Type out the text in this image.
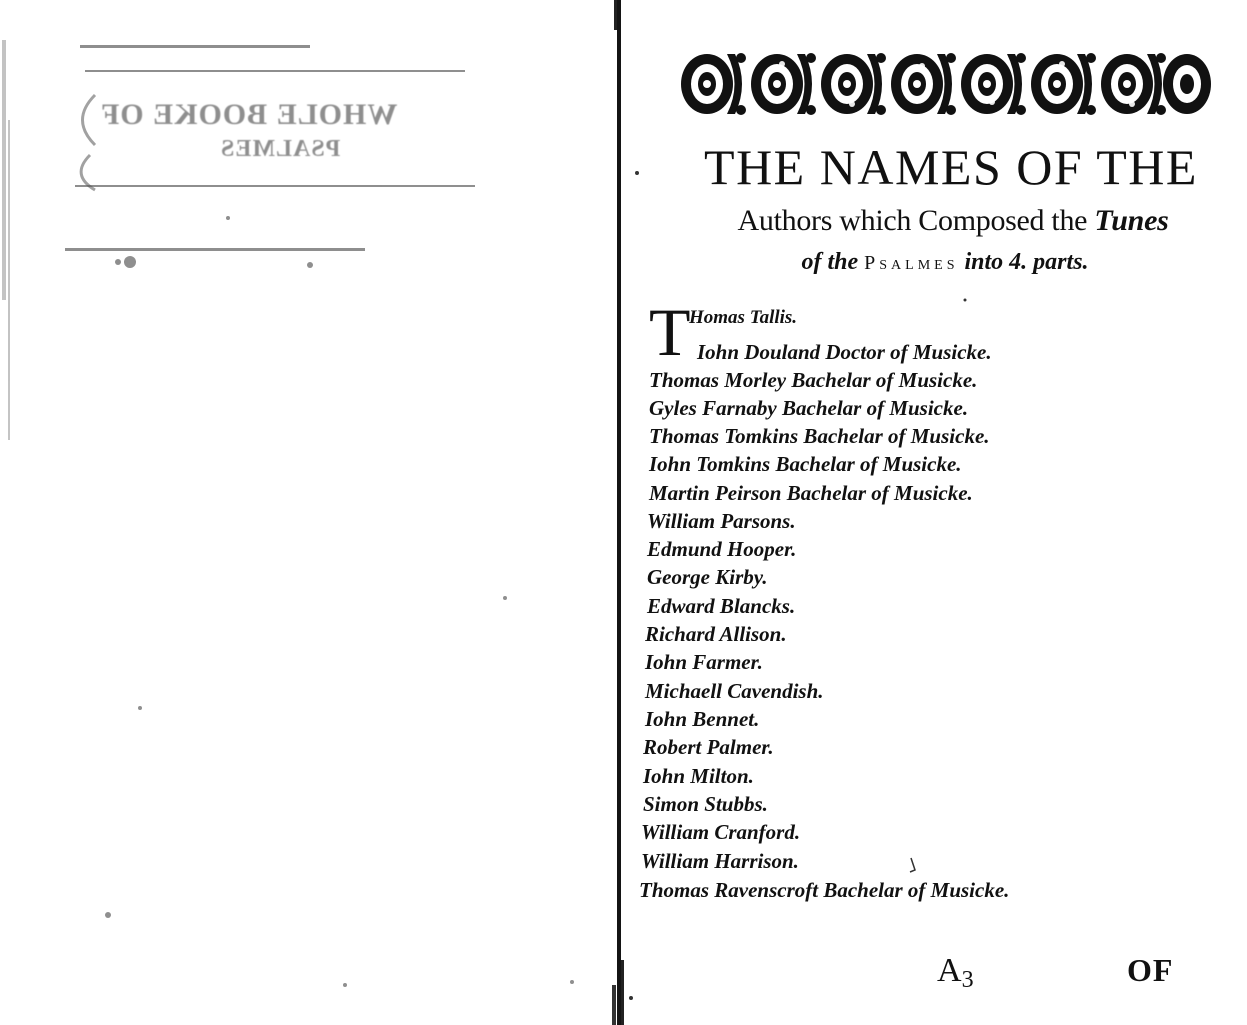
WHOLE BOOKE OF
PSALMES	THE NAMES OF THE
Authors which Composed the Tunes
of the Psalmes into 4. parts.
T
Homas Tallis.
Iohn Douland Doctor of Musicke.
Thomas Morley Bachelar of Musicke.
Gyles Farnaby Bachelar of Musicke.
Thomas Tomkins Bachelar of Musicke.
Iohn Tomkins Bachelar of Musicke.
Martin Peirson Bachelar of Musicke.
William Parsons.
Edmund Hooper.
George Kirby.
Edward Blancks.
Richard Allison.
Iohn Farmer.
Michaell Cavendish.
Iohn Bennet.
Robert Palmer.
Iohn Milton.
Simon Stubbs.
William Cranford.
William Harrison.
Thomas Ravenscroft Bachelar of Musicke.
$A_3$	OF
